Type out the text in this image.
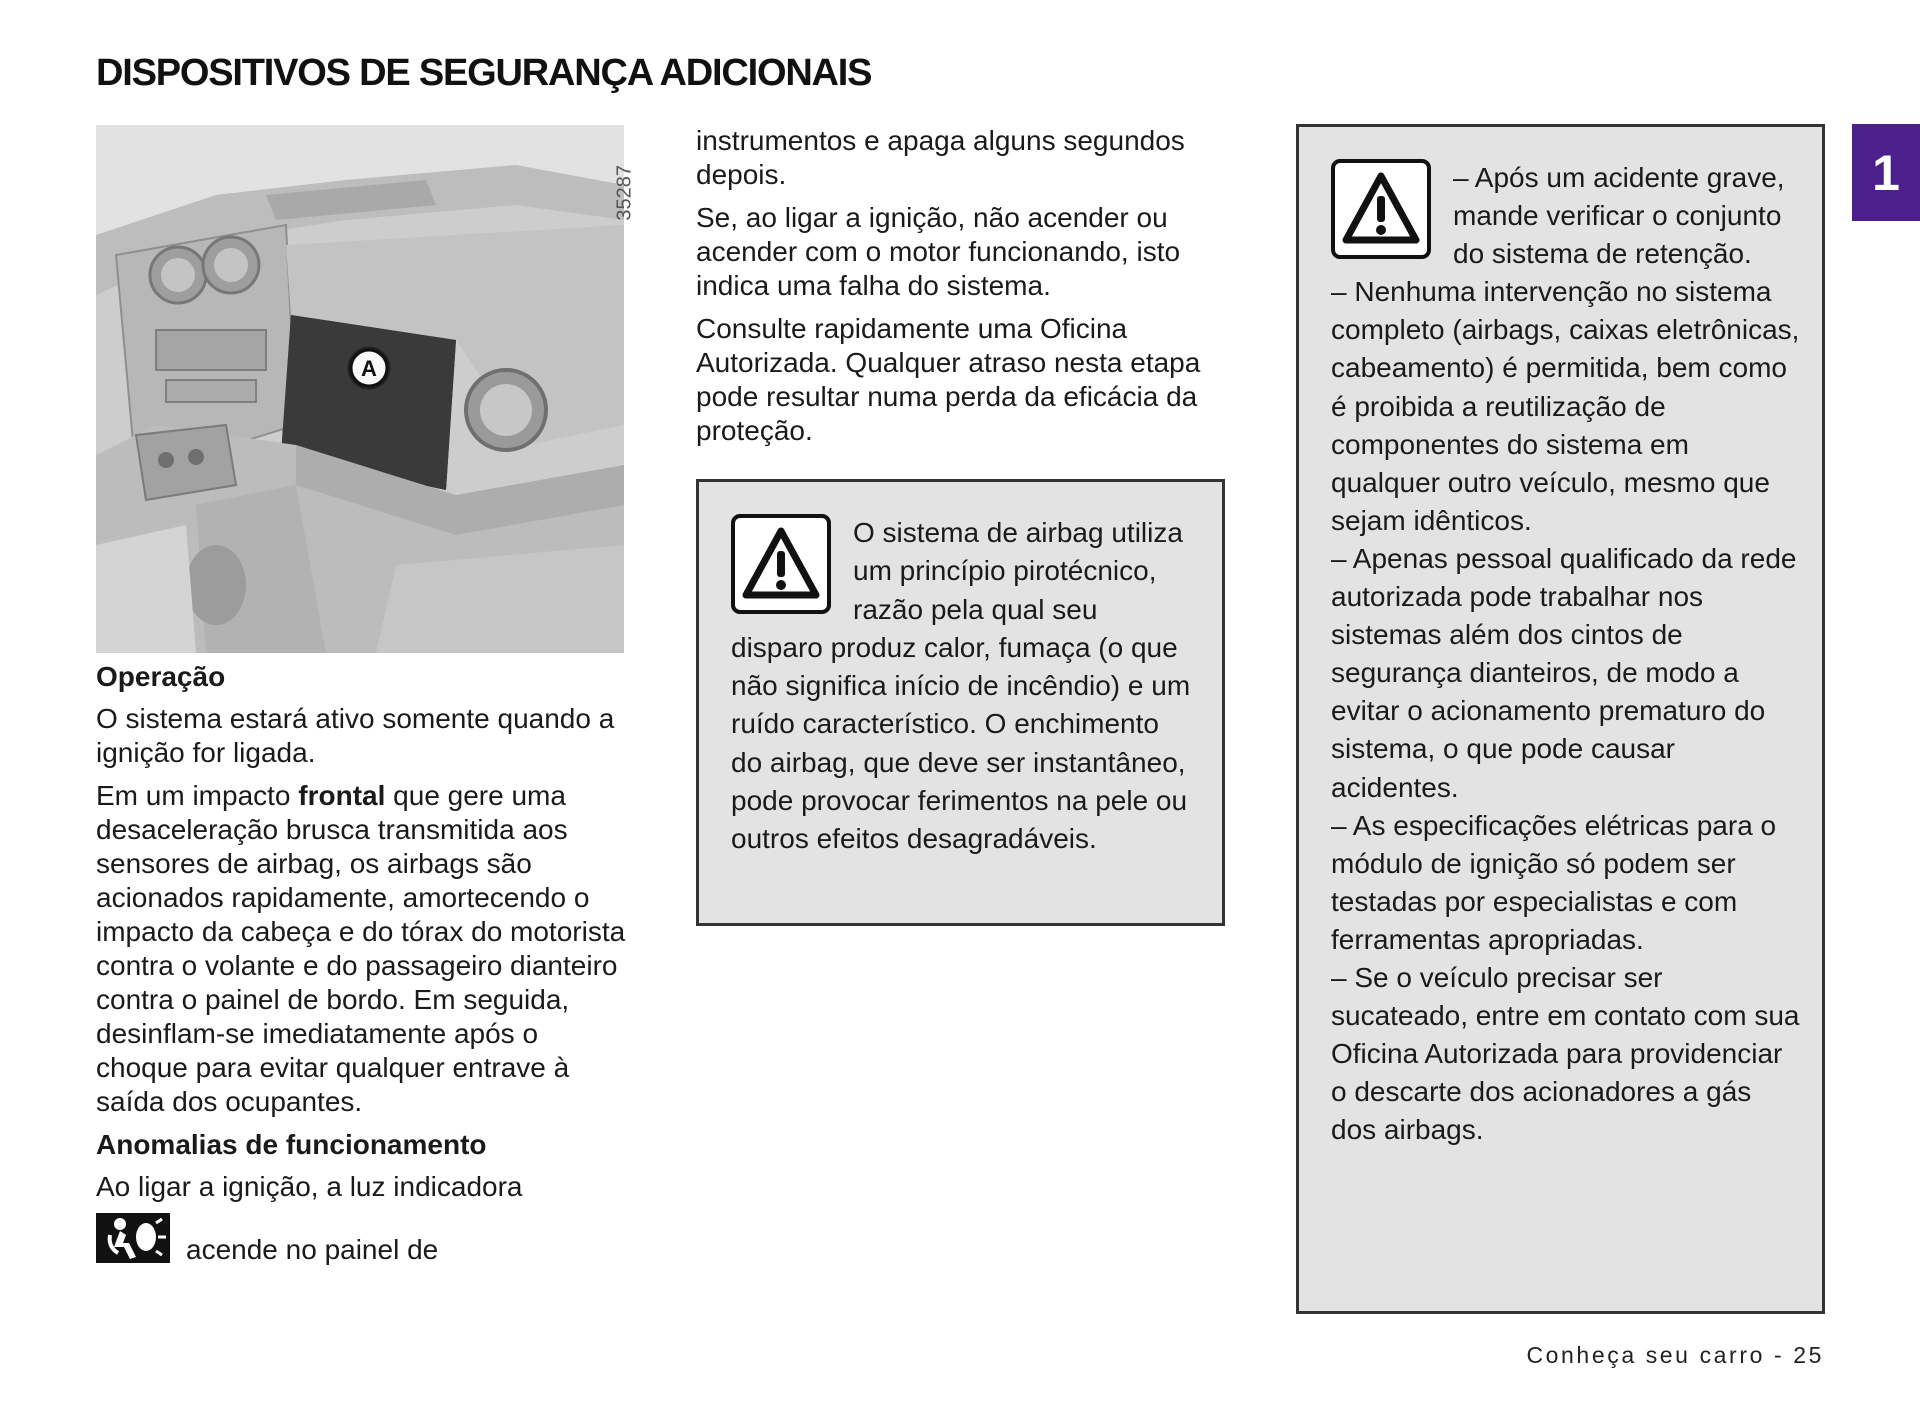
DISPOSITIVOS DE SEGURANÇA ADICIONAIS
1
A
35287

Operação

O sistema estará ativo somente quando a ignição for ligada.

Em um impacto frontal que gere uma desaceleração brusca transmitida aos sensores de airbag, os airbags são acionados rapidamente, amortecendo o impacto da cabeça e do tórax do motorista contra o volante e do passageiro dianteiro contra o painel de bordo. Em seguida, desinflam-se imediatamente após o choque para evitar qualquer entrave à saída dos ocupantes.

Anomalias de funcionamento

Ao ligar a ignição, a luz indicadora

acende no painel de

instrumentos e apaga alguns segundos depois.

Se, ao ligar a ignição, não acender ou acender com o motor funcionando, isto indica uma falha do sistema.

Consulte rapidamente uma Oficina Autorizada. Qualquer atraso nesta etapa pode resultar numa perda da eficácia da proteção.

O sistema de airbag utiliza um princípio pirotécnico, razão pela qual seu disparo produz calor, fumaça (o que não significa início de incêndio) e um ruído característico. O enchimento do airbag, que deve ser instantâneo, pode provocar ferimentos na pele ou outros efeitos desagradáveis.

– Após um acidente grave, mande verificar o conjunto do sistema de retenção.

– Nenhuma intervenção no sistema completo (airbags, caixas eletrônicas, cabeamento) é permitida, bem como é proibida a reutilização de componentes do sistema em qualquer outro veículo, mesmo que sejam idênticos.

– Apenas pessoal qualificado da rede autorizada pode trabalhar nos sistemas além dos cintos de segurança dianteiros, de modo a evitar o acionamento prematuro do sistema, o que pode causar acidentes.

– As especificações elétricas para o módulo de ignição só podem ser testadas por especialistas e com ferramentas apropriadas.

– Se o veículo precisar ser sucateado, entre em contato com sua Oficina Autorizada para providenciar o descarte dos acionadores a gás dos airbags.

Conheça seu carro - 25
